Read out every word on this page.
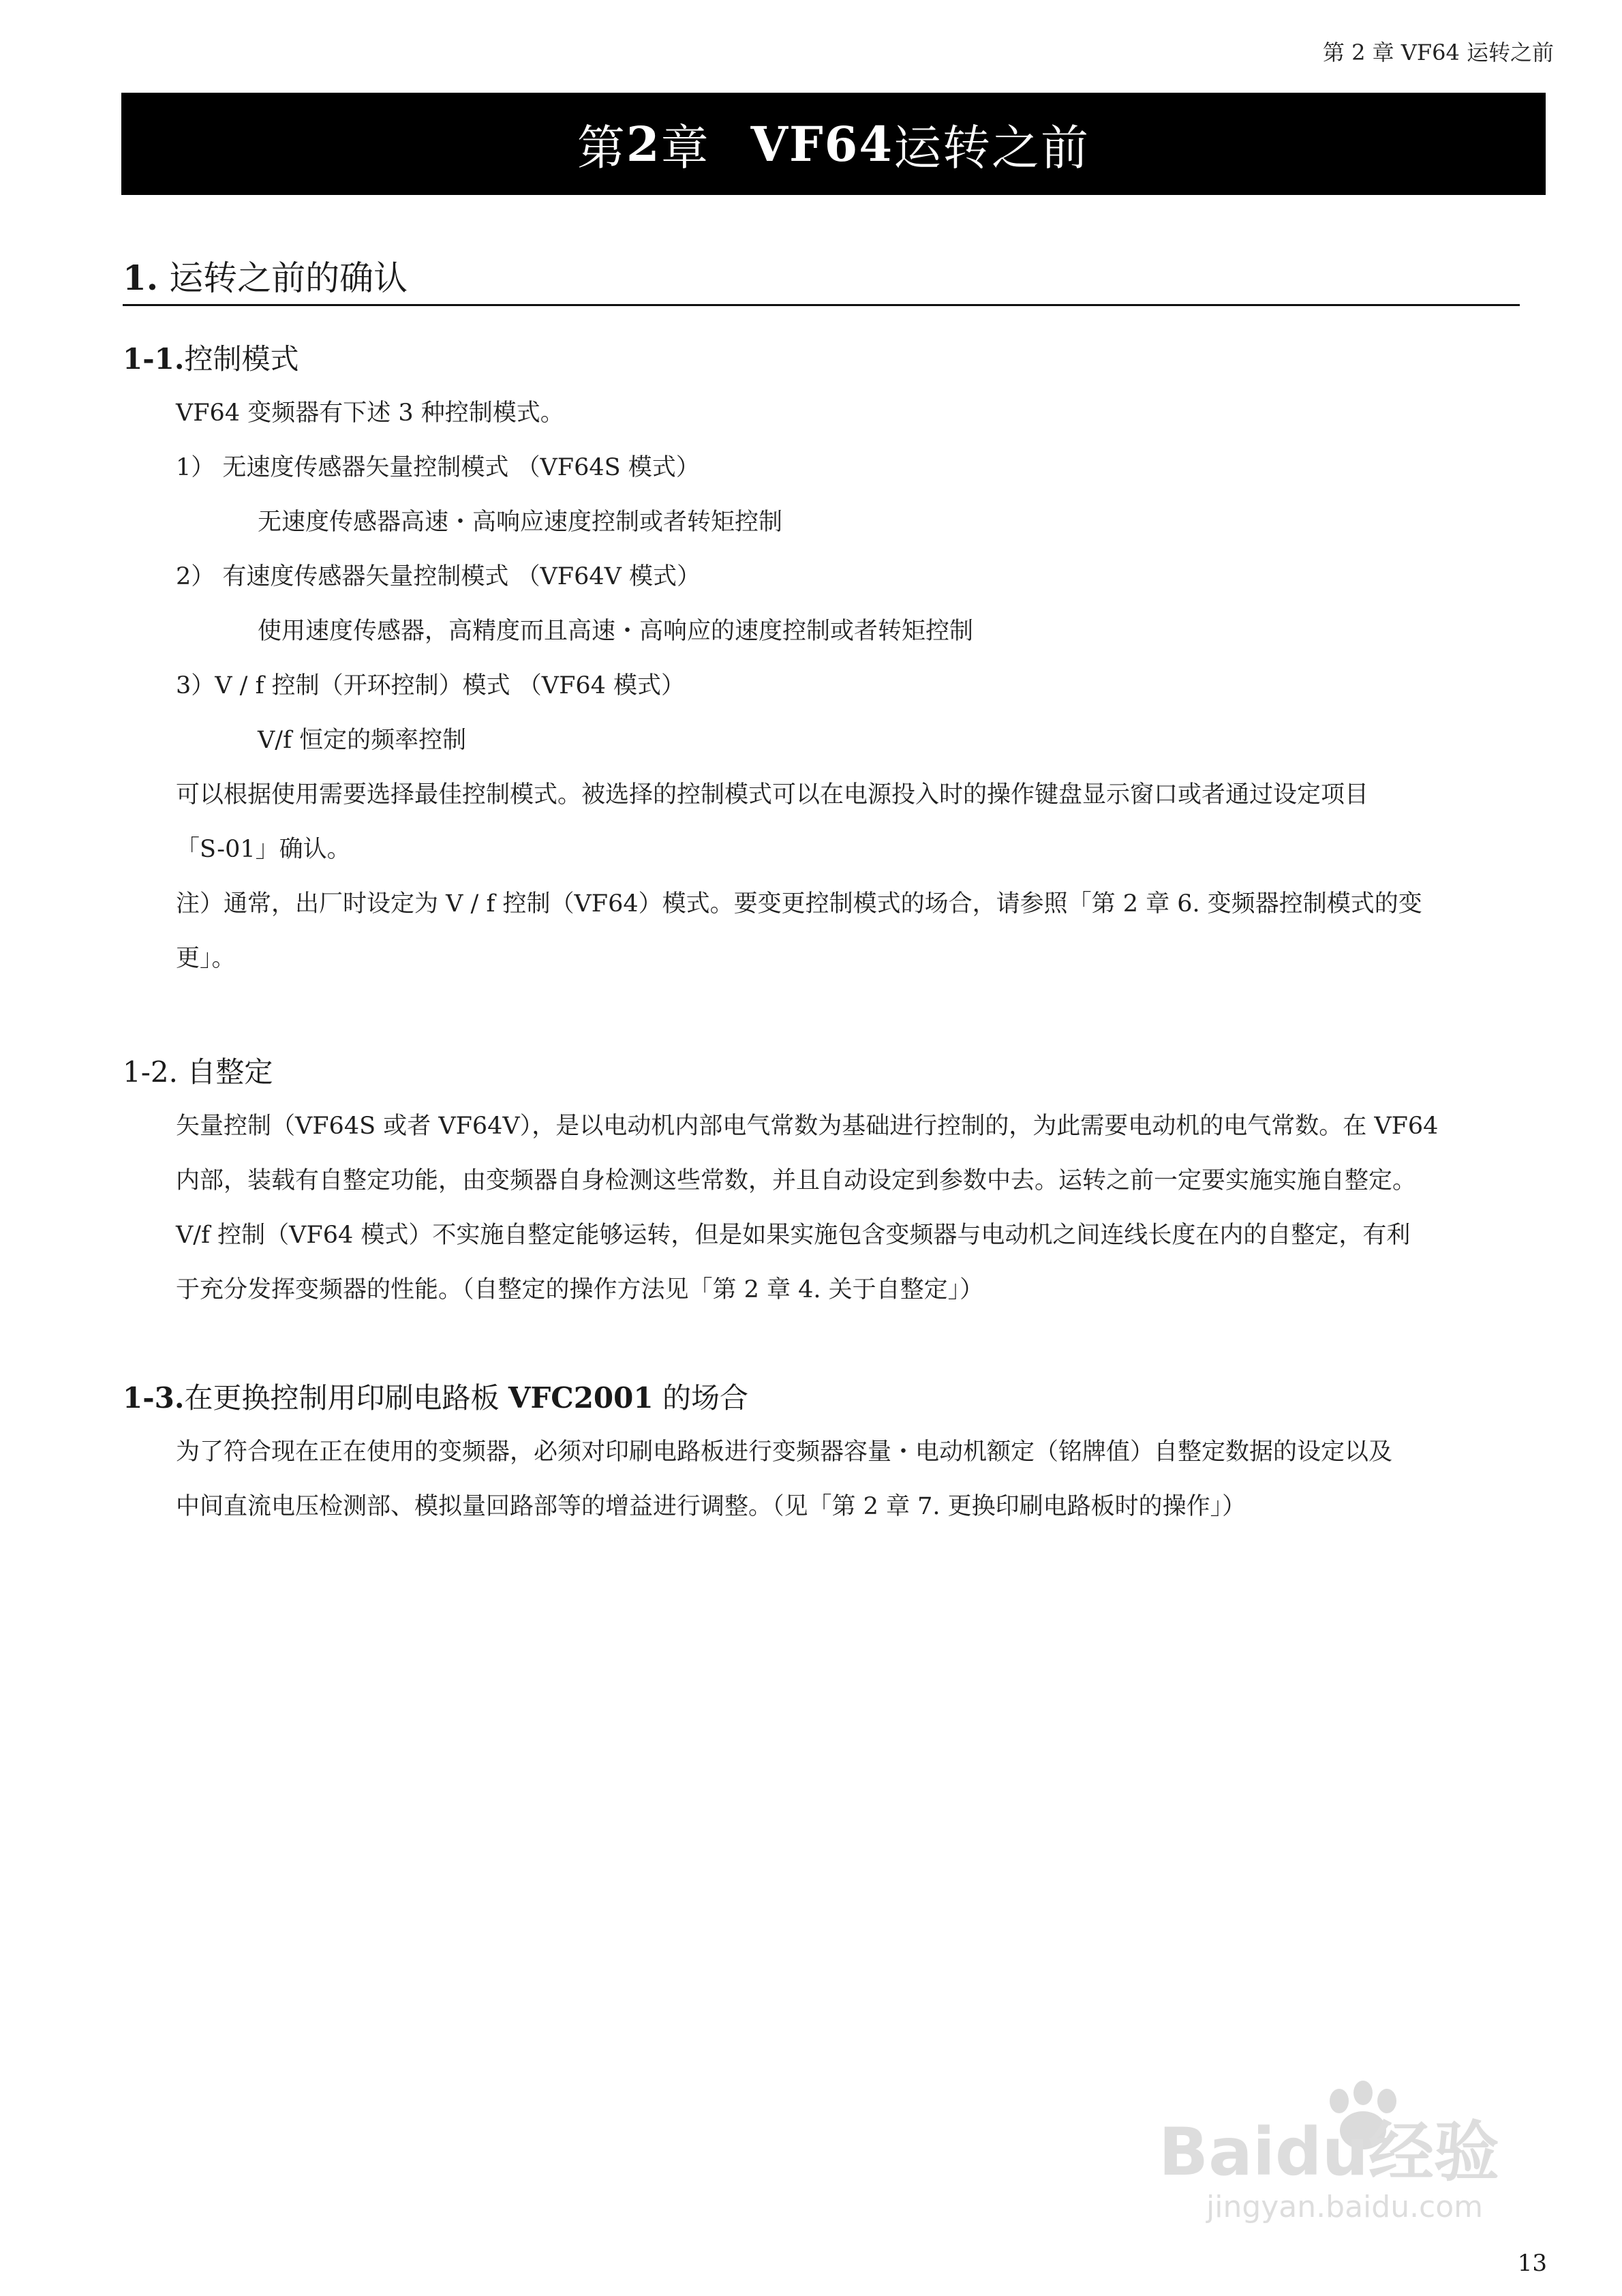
第 2 章 VF64 运转之前
第 2 章 VF64 运转之前
1. 运转之前的确认
1-1.控制模式
VF64 变频器有下述 3 种控制模式。
1） 无速度传感器矢量控制模式 （VF64S 模式）
无速度传感器高速・高响应速度控制或者转矩控制
2） 有速度传感器矢量控制模式 （VF64V 模式）
使用速度传感器，高精度而且高速・高响应的速度控制或者转矩控制
3）V / f 控制（开环控制）模式 （VF64 模式）
V/f 恒定的频率控制
可以根据使用需要选择最佳控制模式。被选择的控制模式可以在电源投入时的操作键盘显示窗口或者通过设定项目
「S-01」确认。
注）通常，出厂时设定为 V / f 控制（VF64）模式。要变更控制模式的场合，请参照「第 2 章 6. 变频器控制模式的变
更」。
1-2. 自整定
矢量控制（VF64S 或者 VF64V），是以电动机内部电气常数为基础进行控制的，为此需要电动机的电气常数。在 VF64
内部，装载有自整定功能，由变频器自身检测这些常数，并且自动设定到参数中去。运转之前一定要实施实施自整定。
V/f 控制（VF64 模式）不实施自整定能够运转，但是如果实施包含变频器与电动机之间连线长度在内的自整定，有利
于充分发挥变频器的性能。（自整定的操作方法见「第 2 章 4. 关于自整定」）
1-3.在更换控制用印刷电路板 VFC2001 的场合
为了符合现在正在使用的变频器，必须对印刷电路板进行变频器容量・电动机额定（铭牌值）自整定数据的设定以及
中间直流电压检测部、模拟量回路部等的增益进行调整。（见「第 2 章 7. 更换印刷电路板时的操作」）
Baidu经验
jingyan.baidu.com
13
